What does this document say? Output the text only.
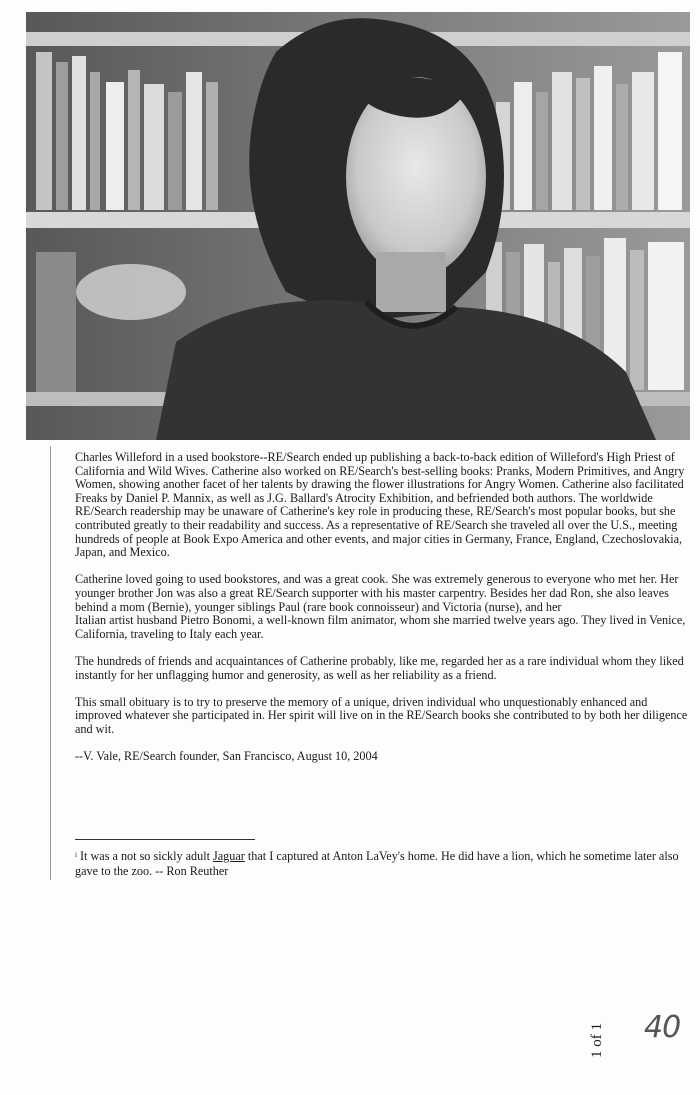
Charles Willeford in a used bookstore--RE/Search ended up publishing a back-to-back edition of Willeford's High Priest of California and Wild Wives. Catherine also worked on RE/Search's best-selling books: Pranks, Modern Primitives, and Angry Women, showing another facet of her talents by drawing the flower illustrations for Angry Women. Catherine also facilitated Freaks by Daniel P. Mannix, as well as J.G. Ballard's Atrocity Exhibition, and befriended both authors. The worldwide RE/Search readership may be unaware of Catherine's key role in producing these, RE/Search's most popular books, but she contributed greatly to their readability and success. As a representative of RE/Search she traveled all over the U.S., meeting hundreds of people at Book Expo America and other events, and major cities in Germany, France, England, Czechoslovakia, Japan, and Mexico.

Catherine loved going to used bookstores, and was a great cook. She was extremely generous to everyone who met her. Her younger brother Jon was also a great RE/Search supporter with his master carpentry. Besides her dad Ron, she also leaves behind a mom (Bernie), younger siblings Paul (rare book connoisseur) and Victoria (nurse), and her

Italian artist husband Pietro Bonomi, a well-known film animator, whom she married twelve years ago. They lived in Venice, California, traveling to Italy each year.

The hundreds of friends and acquaintances of Catherine probably, like me, regarded her as a rare individual whom they liked instantly for her unflagging humor and generosity, as well as her reliability as a friend.

This small obituary is to try to preserve the memory of a unique, driven individual who unquestionably enhanced and improved whatever she participated in. Her spirit will live on in the RE/Search books she contributed to by both her diligence and wit.

--V. Vale, RE/Search founder, San Francisco, August 10, 2004

$^i$ It was a not so sickly adult Jaguar that I captured at Anton LaVey's home. He did have a lion, which he sometime later also gave to the zoo. -- Ron Reuther
1 of 1 40
